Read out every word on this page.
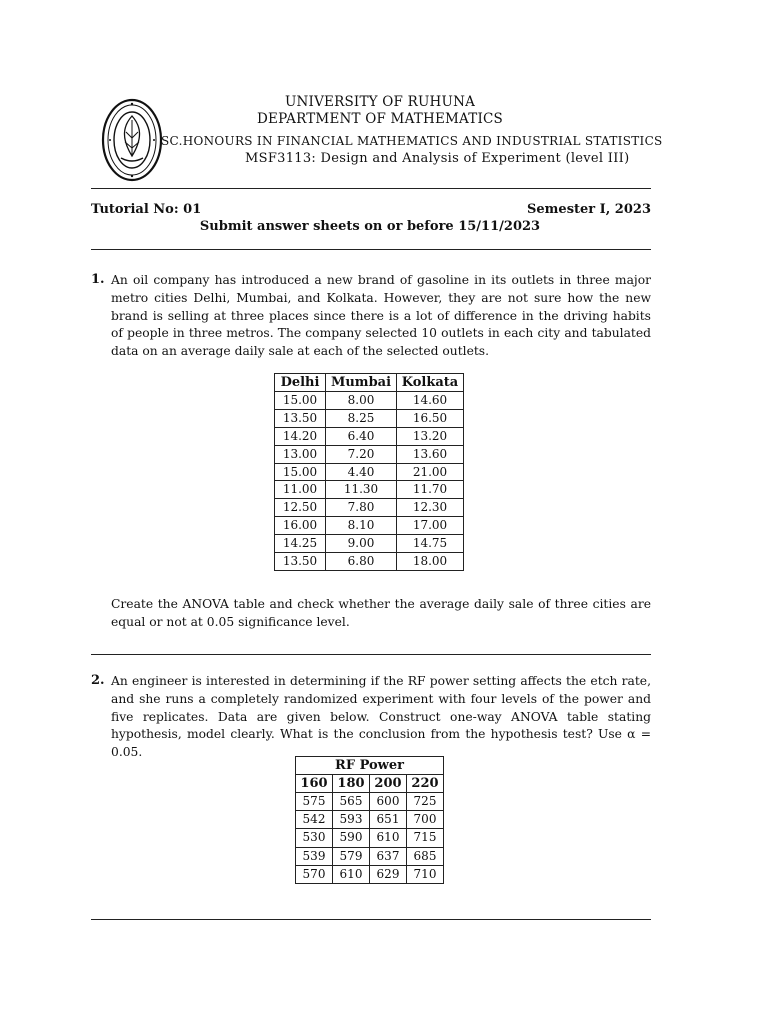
UNIVERSITY OF RUHUNA
DEPARTMENT OF MATHEMATICS
SC.HONOURS IN FINANCIAL MATHEMATICS AND INDUSTRIAL STATISTICS
MSF3113: Design and Analysis of Experiment (level III)
Tutorial No: 01	Semester I, 2023
Submit answer sheets on or before 15/11/2023
1. An oil company has introduced a new brand of gasoline in its outlets in three major metro cities Delhi, Mumbai, and Kolkata. However, they are not sure how the new brand is selling at three places since there is a lot of difference in the driving habits of people in three metros. The company selected 10 outlets in each city and tabulated data on an average daily sale at each of the selected outlets.
Delhi	Mumbai	Kolkata
15.00	8.00	14.60
13.50	8.25	16.50
14.20	6.40	13.20
13.00	7.20	13.60
15.00	4.40	21.00
11.00	11.30	11.70
12.50	7.80	12.30
16.00	8.10	17.00
14.25	9.00	14.75
13.50	6.80	18.00
Create the ANOVA table and check whether the average daily sale of three cities are equal or not at 0.05 significance level.
2. An engineer is interested in determining if the RF power setting affects the etch rate, and she runs a completely randomized experiment with four levels of the power and five replicates. Data are given below. Construct one-way ANOVA table stating hypothesis, model clearly. What is the conclusion from the hypothesis test? Use α = 0.05.
RF Power			
160	180	200	220
575	565	600	725
542	593	651	700
530	590	610	715
539	579	637	685
570	610	629	710
